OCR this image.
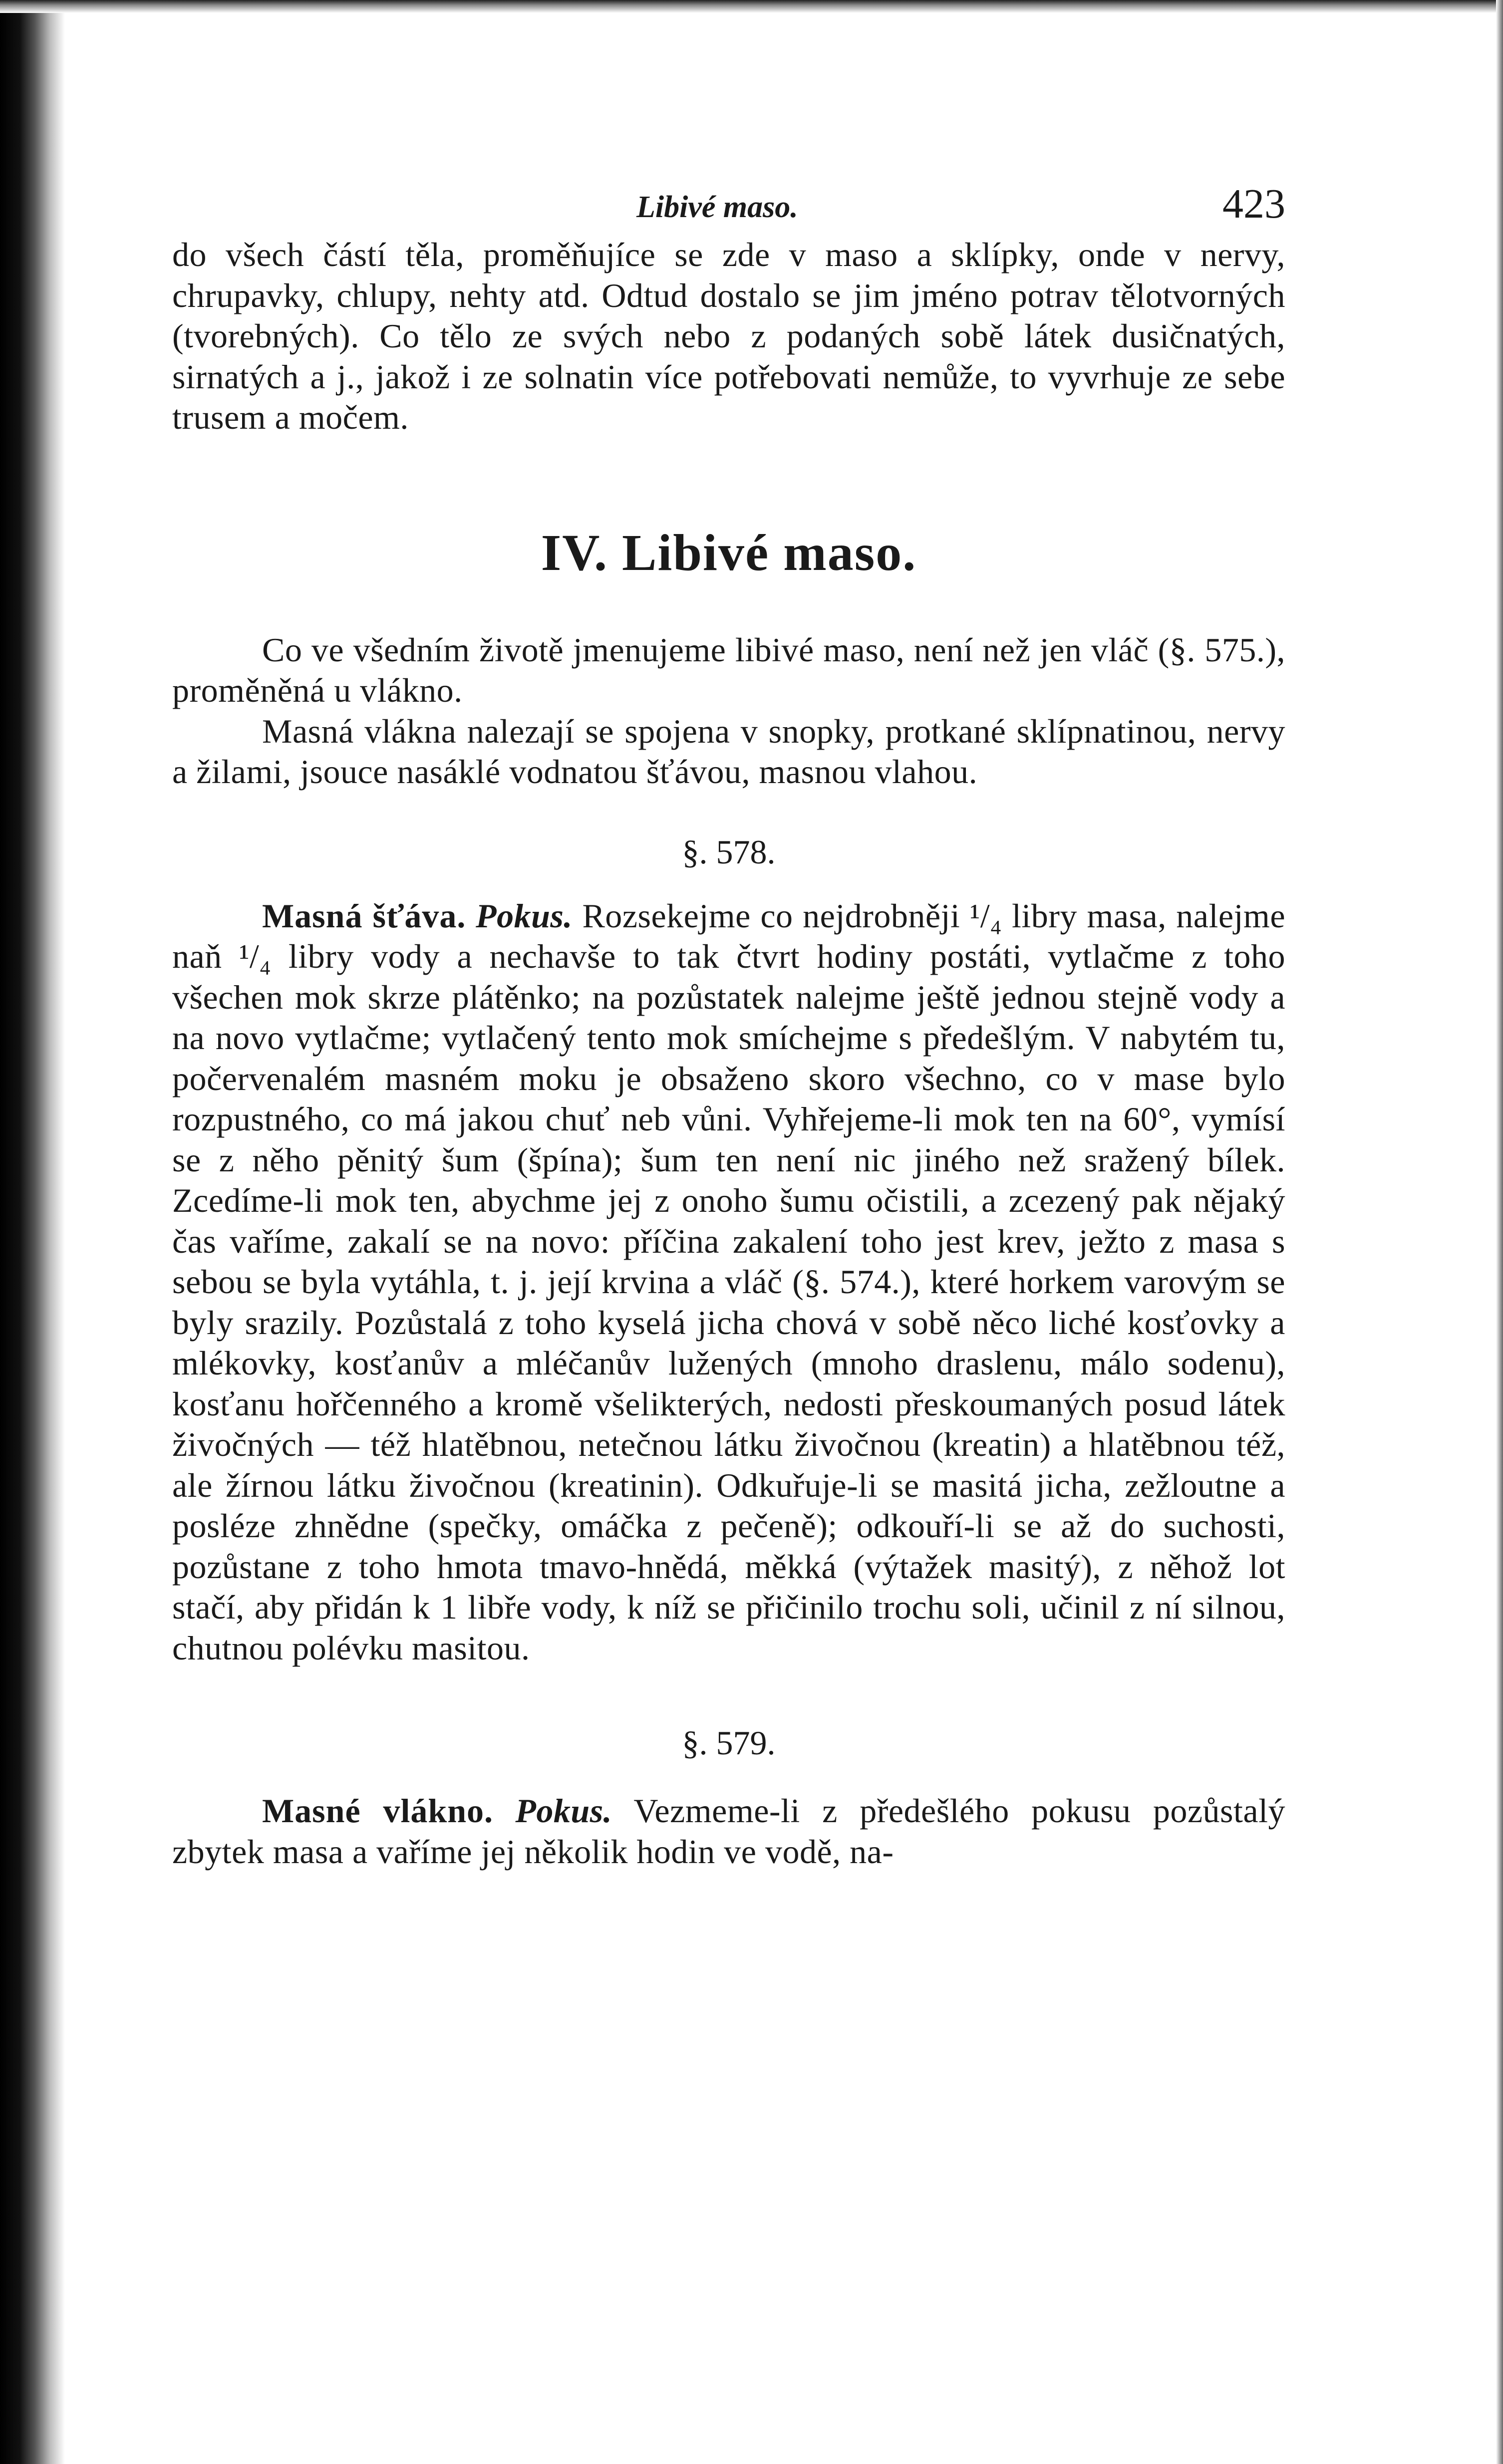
Libivé maso.	423

do všech částí těla, proměňujíce se zde v maso a sklípky, onde v nervy, chrupavky, chlupy, nehty atd. Odtud dostalo se jim jméno potrav tělotvorných (tvorebných). Co tělo ze svých nebo z podaných sobě látek dusičnatých, sirnatých a j., jakož i ze solnatin více potřebovati nemůže, to vyvrhuje ze sebe trusem a močem.

IV. Libivé maso.

Co ve všedním životě jmenujeme libivé maso, není než jen vláč (§. 575.), proměněná u vlákno.

Masná vlákna nalezají se spojena v snopky, protkané sklípnatinou, nervy a žilami, jsouce nasáklé vodnatou šťávou, masnou vlahou.

§. 578.

Masná šťáva. Pokus. Rozsekejme co nejdrobněji ¹/₄ libry masa, nalejme naň ¹/₄ libry vody a nechavše to tak čtvrt hodiny postáti, vytlačme z toho všechen mok skrze plátěnko; na pozůstatek nalejme ještě jednou stejně vody a na novo vytlačme; vytlačený tento mok smíchejme s předešlým. V nabytém tu, počervenalém masném moku je obsaženo skoro všechno, co v mase bylo rozpustného, co má jakou chuť neb vůni. Vyhřejeme-li mok ten na 60°, vymísí se z něho pěnitý šum (špína); šum ten není nic jiného než sražený bílek. Zcedíme-li mok ten, abychme jej z onoho šumu očistili, a zcezený pak nějaký čas vaříme, zakalí se na novo: příčina zakalení toho jest krev, ježto z masa s sebou se byla vytáhla, t. j. její krvina a vláč (§. 574.), které horkem varovým se byly srazily. Pozůstalá z toho kyselá jicha chová v sobě něco liché kosťovky a mlékovky, kosťanův a mléčanův lužených (mnoho draslenu, málo sodenu), kosťanu hořčenného a kromě všelikterých, nedosti přeskoumaných posud látek živočných — též hlatěbnou, netečnou látku živočnou (kreatin) a hlatěbnou též, ale žírnou látku živočnou (kreatinin). Odkuřuje-li se masitá jicha, zežloutne a posléze zhnědne (spečky, omáčka z pečeně); odkouří-li se až do suchosti, pozůstane z toho hmota tmavo-hnědá, měkká (výtažek masitý), z něhož lot stačí, aby přidán k 1 libře vody, k níž se přičinilo trochu soli, učinil z ní silnou, chutnou polévku masitou.

§. 579.

Masné vlákno. Pokus. Vezmeme-li z předešlého pokusu pozůstalý zbytek masa a vaříme jej několik hodin ve vodě, na-
